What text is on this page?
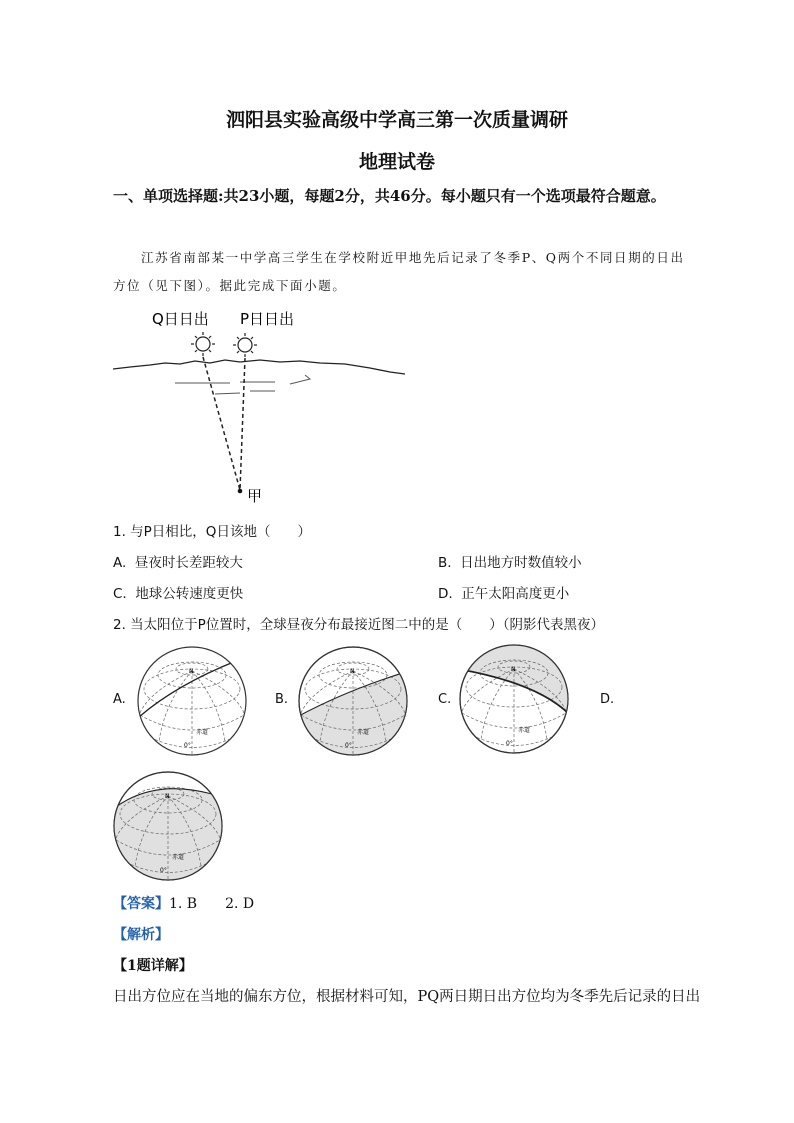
泗阳县实验高级中学高三第一次质量调研
地理试卷
一、单项选择题:共23小题，每题2分，共46分。每小题只有一个选项最符合题意。
江苏省南部某一中学高三学生在学校附近甲地先后记录了冬季P、Q两个不同日期的日出方位（见下图）。据此完成下面小题。
Q日日出 P日日出
甲
1. 与P日相比，Q日该地（　　）
A. 昼夜时长差距较大	B. 日出地方时数值较小
C. 地球公转速度更快	D. 正午太阳高度更小
2. 当太阳位于P位置时，全球昼夜分布最接近图二中的是（　　）（阴影代表黑夜）
A.	B.	C.	D.
N
赤道
0°
N
赤道
0°
N
赤道
0°
N
赤道
0°
【答案】1. B　　2. D
【解析】
【1题详解】
日出方位应在当地的偏东方位，根据材料可知，PQ两日期日出方位均为冬季先后记录的日出
